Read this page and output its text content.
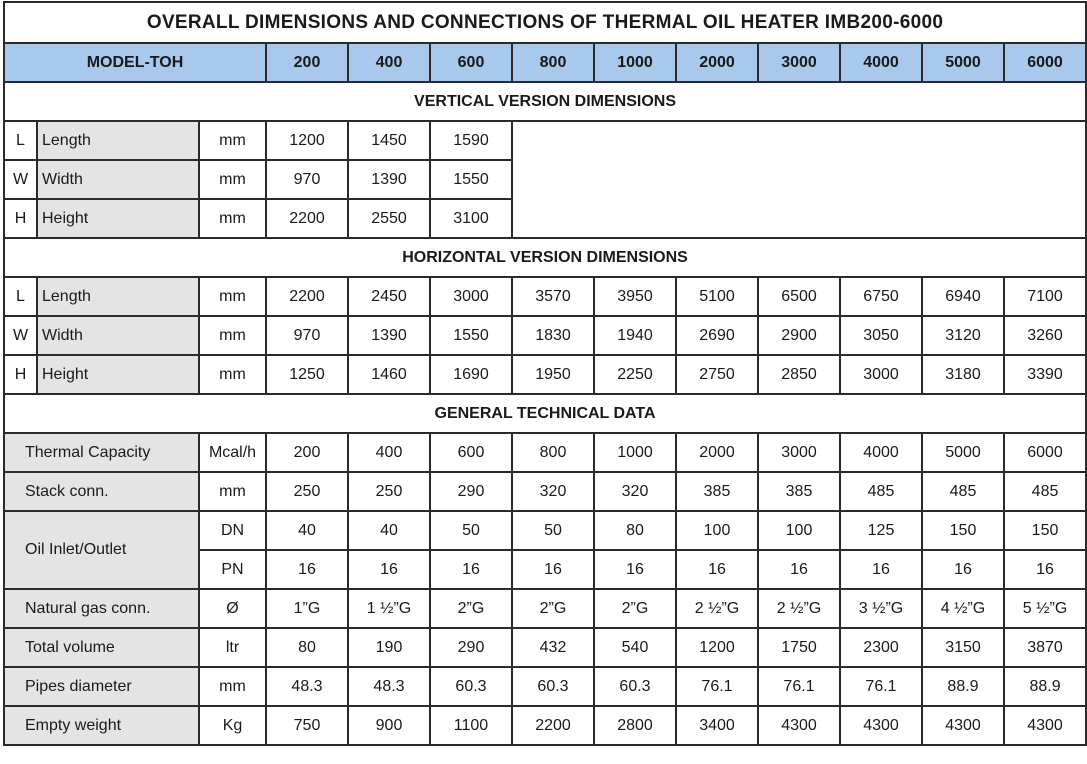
OVERALL DIMENSIONS AND CONNECTIONS OF THERMAL OIL HEATER IMB200-6000												
MODEL-TOH			200	400	600	800	1000	2000	3000	4000	5000	6000
VERTICAL VERSION DIMENSIONS												
L	Length	mm	1200	1450	1590							
W	Width	mm	970	1390	1550							
H	Height	mm	2200	2550	3100							
HORIZONTAL VERSION DIMENSIONS												
L	Length	mm	2200	2450	3000	3570	3950	5100	6500	6750	6940	7100
W	Width	mm	970	1390	1550	1830	1940	2690	2900	3050	3120	3260
H	Height	mm	1250	1460	1690	1950	2250	2750	2850	3000	3180	3390
GENERAL TECHNICAL DATA												
Thermal Capacity		Mcal/h	200	400	600	800	1000	2000	3000	4000	5000	6000
Stack conn.		mm	250	250	290	320	320	385	385	485	485	485
Oil Inlet/Outlet		DN	40	40	50	50	80	100	100	125	150	150
		PN	16	16	16	16	16	16	16	16	16	16
Natural gas conn.		Ø	1”G	1 ½”G	2”G	2”G	2”G	2 ½”G	2 ½”G	3 ½”G	4 ½”G	5 ½”G
Total volume		ltr	80	190	290	432	540	1200	1750	2300	3150	3870
Pipes diameter		mm	48.3	48.3	60.3	60.3	60.3	76.1	76.1	76.1	88.9	88.9
Empty weight		Kg	750	900	1100	2200	2800	3400	4300	4300	4300	4300
